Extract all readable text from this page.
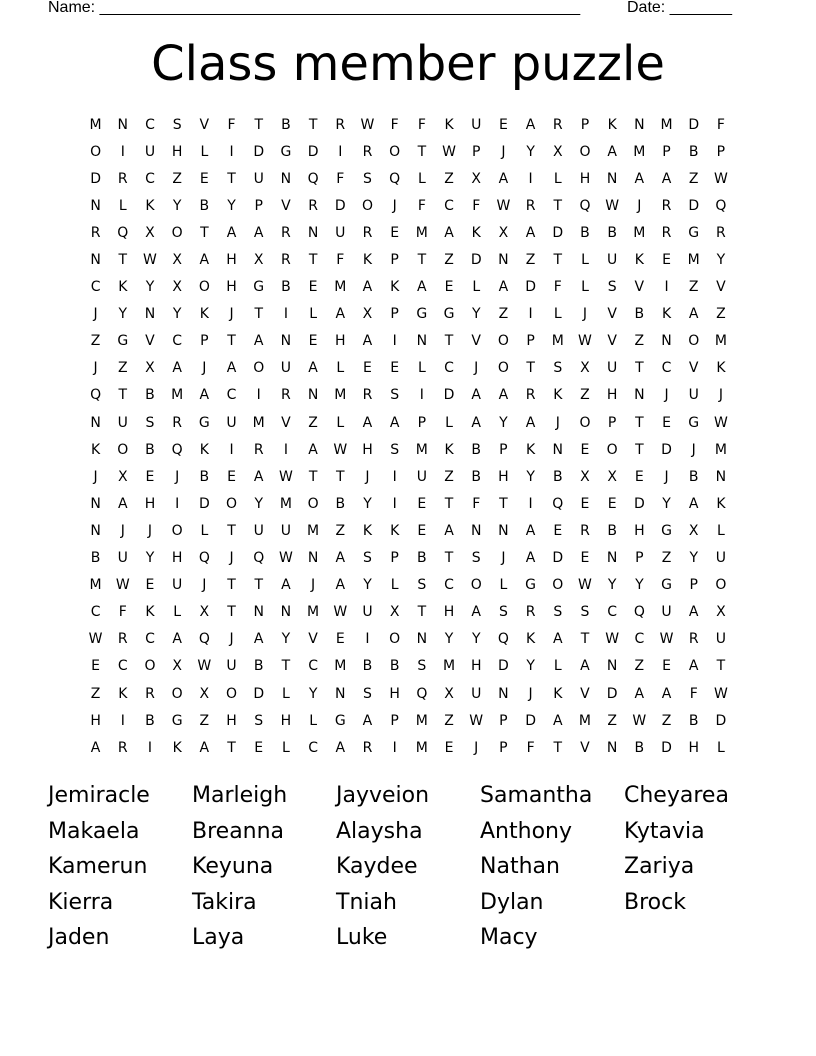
Name: ______________________________________________________	Date: _______
Class member puzzle
M	N	C	S	V	F	T	B	T	R	W	F	F	K	U	E	A	R	P	K	N	M	D	F
O	I	U	H	L	I	D	G	D	I	R	O	T	W	P	J	Y	X	O	A	M	P	B	P
D	R	C	Z	E	T	U	N	Q	F	S	Q	L	Z	X	A	I	L	H	N	A	A	Z	W
N	L	K	Y	B	Y	P	V	R	D	O	J	F	C	F	W	R	T	Q	W	J	R	D	Q
R	Q	X	O	T	A	A	R	N	U	R	E	M	A	K	X	A	D	B	B	M	R	G	R
N	T	W	X	A	H	X	R	T	F	K	P	T	Z	D	N	Z	T	L	U	K	E	M	Y
C	K	Y	X	O	H	G	B	E	M	A	K	A	E	L	A	D	F	L	S	V	I	Z	V
J	Y	N	Y	K	J	T	I	L	A	X	P	G	G	Y	Z	I	L	J	V	B	K	A	Z
Z	G	V	C	P	T	A	N	E	H	A	I	N	T	V	O	P	M	W	V	Z	N	O	M
J	Z	X	A	J	A	O	U	A	L	E	E	L	C	J	O	T	S	X	U	T	C	V	K
Q	T	B	M	A	C	I	R	N	M	R	S	I	D	A	A	R	K	Z	H	N	J	U	J
N	U	S	R	G	U	M	V	Z	L	A	A	P	L	A	Y	A	J	O	P	T	E	G	W
K	O	B	Q	K	I	R	I	A	W	H	S	M	K	B	P	K	N	E	O	T	D	J	M
J	X	E	J	B	E	A	W	T	T	J	I	U	Z	B	H	Y	B	X	X	E	J	B	N
N	A	H	I	D	O	Y	M	O	B	Y	I	E	T	F	T	I	Q	E	E	D	Y	A	K
N	J	J	O	L	T	U	U	M	Z	K	K	E	A	N	N	A	E	R	B	H	G	X	L
B	U	Y	H	Q	J	Q	W	N	A	S	P	B	T	S	J	A	D	E	N	P	Z	Y	U
M	W	E	U	J	T	T	A	J	A	Y	L	S	C	O	L	G	O	W	Y	Y	G	P	O
C	F	K	L	X	T	N	N	M	W	U	X	T	H	A	S	R	S	S	C	Q	U	A	X
W	R	C	A	Q	J	A	Y	V	E	I	O	N	Y	Y	Q	K	A	T	W	C	W	R	U
E	C	O	X	W	U	B	T	C	M	B	B	S	M	H	D	Y	L	A	N	Z	E	A	T
Z	K	R	O	X	O	D	L	Y	N	S	H	Q	X	U	N	J	K	V	D	A	A	F	W
H	I	B	G	Z	H	S	H	L	G	A	P	M	Z	W	P	D	A	M	Z	W	Z	B	D
A	R	I	K	A	T	E	L	C	A	R	I	M	E	J	P	F	T	V	N	B	D	H	L
Jemiracle	Marleigh	Jayveion	Samantha	Cheyarea
Makaela	Breanna	Alaysha	Anthony	Kytavia
Kamerun	Keyuna	Kaydee	Nathan	Zariya
Kierra	Takira	Tniah	Dylan	Brock
Jaden	Laya	Luke	Macy
